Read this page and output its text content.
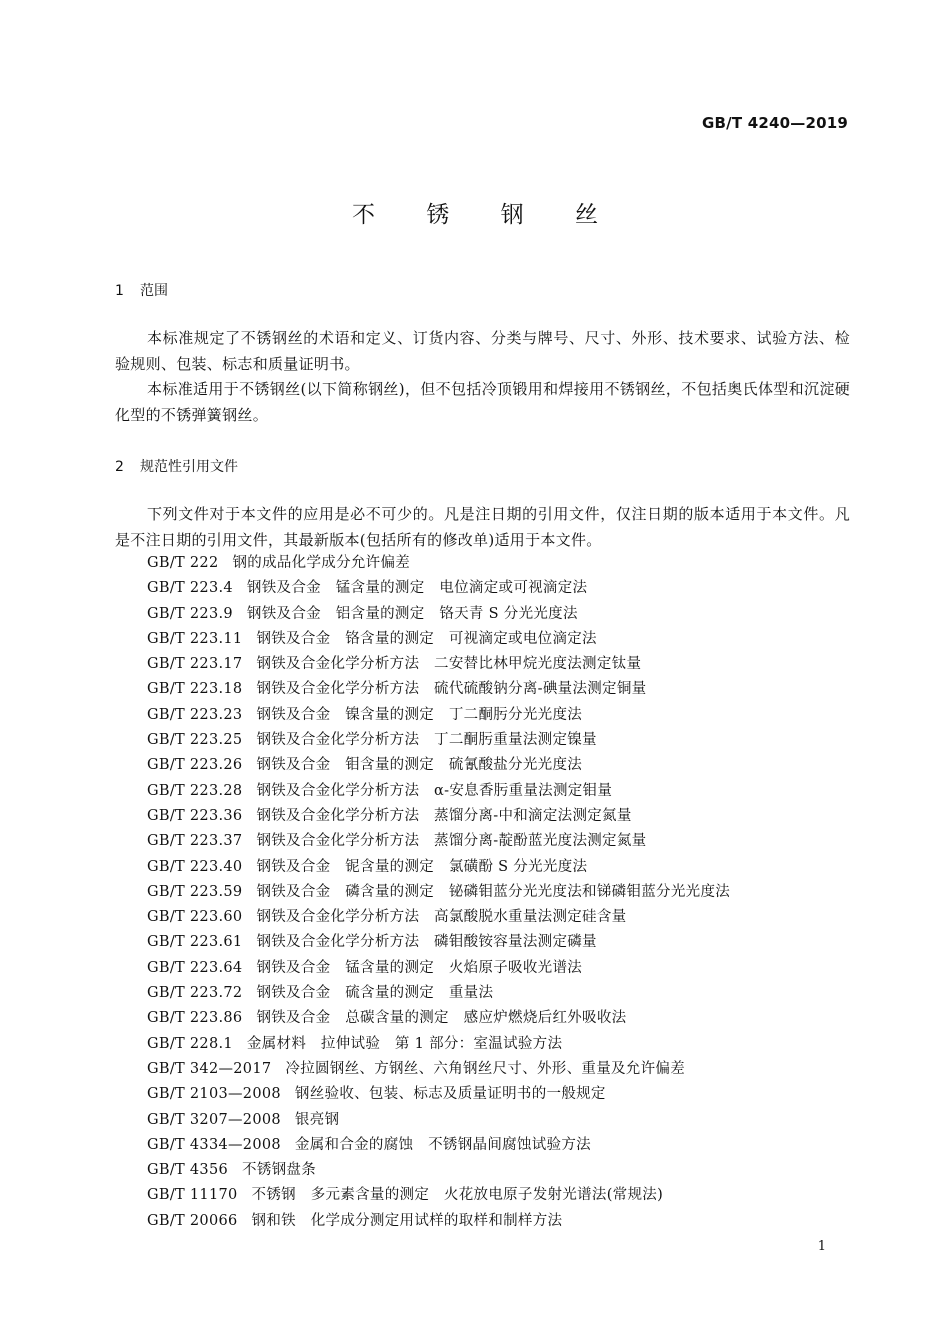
GB/T 4240—2019
不 锈 钢 丝
1 范围

本标准规定了不锈钢丝的术语和定义、订货内容、分类与牌号、尺寸、外形、技术要求、试验方法、检验规则、包装、标志和质量证明书。

本标准适用于不锈钢丝(以下简称钢丝)，但不包括冷顶锻用和焊接用不锈钢丝，不包括奥氏体型和沉淀硬化型的不锈弹簧钢丝。

2 规范性引用文件

下列文件对于本文件的应用是必不可少的。凡是注日期的引用文件，仅注日期的版本适用于本文件。凡是不注日期的引用文件，其最新版本(包括所有的修改单)适用于本文件。

GB/T 222 钢的成品化学成分允许偏差
GB/T 223.4 钢铁及合金　锰含量的测定　电位滴定或可视滴定法
GB/T 223.9 钢铁及合金　铝含量的测定　铬天青 S 分光光度法
GB/T 223.11 钢铁及合金　铬含量的测定　可视滴定或电位滴定法
GB/T 223.17 钢铁及合金化学分析方法　二安替比林甲烷光度法测定钛量
GB/T 223.18 钢铁及合金化学分析方法　硫代硫酸钠分离-碘量法测定铜量
GB/T 223.23 钢铁及合金　镍含量的测定　丁二酮肟分光光度法
GB/T 223.25 钢铁及合金化学分析方法　丁二酮肟重量法测定镍量
GB/T 223.26 钢铁及合金　钼含量的测定　硫氰酸盐分光光度法
GB/T 223.28 钢铁及合金化学分析方法　α-安息香肟重量法测定钼量
GB/T 223.36 钢铁及合金化学分析方法　蒸馏分离-中和滴定法测定氮量
GB/T 223.37 钢铁及合金化学分析方法　蒸馏分离-靛酚蓝光度法测定氮量
GB/T 223.40 钢铁及合金　铌含量的测定　氯磺酚 S 分光光度法
GB/T 223.59 钢铁及合金　磷含量的测定　铋磷钼蓝分光光度法和锑磷钼蓝分光光度法
GB/T 223.60 钢铁及合金化学分析方法　高氯酸脱水重量法测定硅含量
GB/T 223.61 钢铁及合金化学分析方法　磷钼酸铵容量法测定磷量
GB/T 223.64 钢铁及合金　锰含量的测定　火焰原子吸收光谱法
GB/T 223.72 钢铁及合金　硫含量的测定　重量法
GB/T 223.86 钢铁及合金　总碳含量的测定　感应炉燃烧后红外吸收法
GB/T 228.1 金属材料　拉伸试验　第 1 部分：室温试验方法
GB/T 342—2017 冷拉圆钢丝、方钢丝、六角钢丝尺寸、外形、重量及允许偏差
GB/T 2103—2008 钢丝验收、包装、标志及质量证明书的一般规定
GB/T 3207—2008 银亮钢
GB/T 4334—2008 金属和合金的腐蚀　不锈钢晶间腐蚀试验方法
GB/T 4356 不锈钢盘条
GB/T 11170 不锈钢　多元素含量的测定　火花放电原子发射光谱法(常规法)
GB/T 20066 钢和铁　化学成分测定用试样的取样和制样方法
1
